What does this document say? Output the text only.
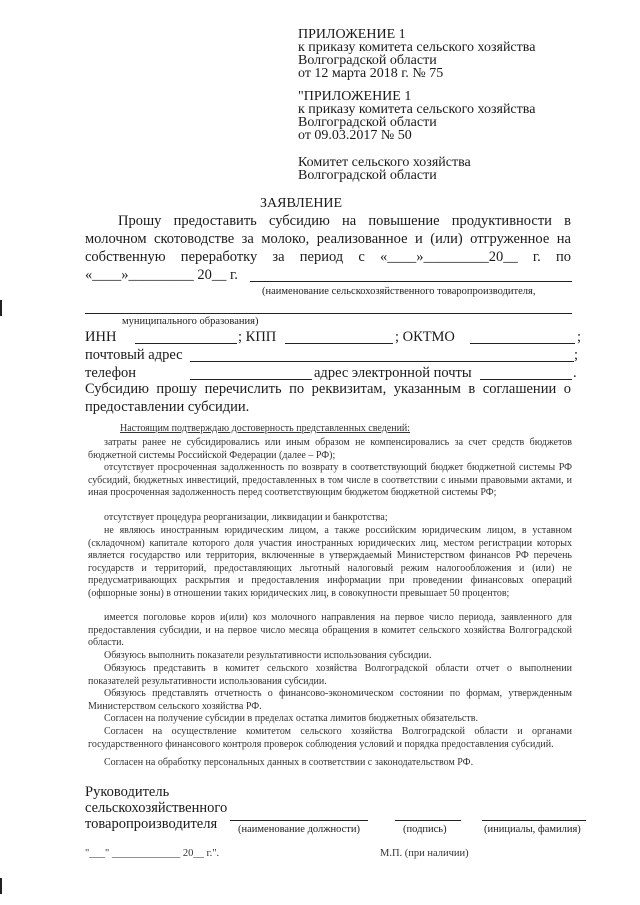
ПРИЛОЖЕНИЕ 1
к приказу комитета сельского хозяйства
Волгоградской области
от 12 марта 2018 г. № 75
"ПРИЛОЖЕНИЕ 1
к приказу комитета сельского хозяйства
Волгоградской области
от 09.03.2017 № 50
Комитет сельского хозяйства
Волгоградской области
ЗАЯВЛЕНИЕ
Прошу предоставить субсидию на повышение продуктивности в
молочном скотоводстве за молоко, реализованное и (или) отгруженное на
собственную переработку за период с «____»_________20__ г. по
«____»_________ 20__ г.
(наименование сельскохозяйственного товаропроизводителя,
муниципального образования)
ИНН	; КПП	; ОКТМО	;
почтовый адрес	;
телефон	адрес электронной почты	.
Субсидию прошу перечислить по реквизитам, указанным в соглашении о
предоставлении субсидии.
Настоящим подтверждаю достоверность представленных сведений:
затраты ранее не субсидировались или иным образом не компенсировались за счет средств бюджетов бюджетной системы Российской Федерации (далее – РФ);
отсутствует просроченная задолженность по возврату в соответствующий бюджет бюджетной системы РФ субсидий, бюджетных инвестиций, предоставленных в том числе в соответствии с иными правовыми актами, и иная просроченная задолженность перед соответствующим бюджетом бюджетной системы РФ;
отсутствует процедура реорганизации, ликвидации и банкротства;
не являюсь иностранным юридическим лицом, а также российским юридическим лицом, в уставном (складочном) капитале которого доля участия иностранных юридических лиц, местом регистрации которых является государство или территория, включенные в утверждаемый Министерством финансов РФ перечень государств и территорий, предоставляющих льготный налоговый режим налогообложения и (или) не предусматривающих раскрытия и предоставления информации при проведении финансовых операций (офшорные зоны) в отношении таких юридических лиц, в совокупности превышает 50 процентов;
имеется поголовье коров и(или) коз молочного направления на первое число периода, заявленного для предоставления субсидии, и на первое число месяца обращения в комитет сельского хозяйства Волгоградской области.
Обязуюсь выполнить показатели результативности использования субсидии.
Обязуюсь представить в комитет сельского хозяйства Волгоградской области отчет о выполнении показателей результативности использования субсидии.
Обязуюсь представлять отчетность о финансово-экономическом состоянии по формам, утвержденным Министерством сельского хозяйства РФ.
Согласен на получение субсидии в пределах остатка лимитов бюджетных обязательств.
Согласен на осуществление комитетом сельского хозяйства Волгоградской области и органами государственного финансового контроля проверок соблюдения условий и порядка предоставления субсидий.
Согласен на обработку персональных данных в соответствии с законодательством РФ.
Руководитель
сельскохозяйственного
товаропроизводителя (наименование должности)	(подпись)	(инициалы, фамилия)
"___" _____________ 20__ г.".	М.П. (при наличии)
